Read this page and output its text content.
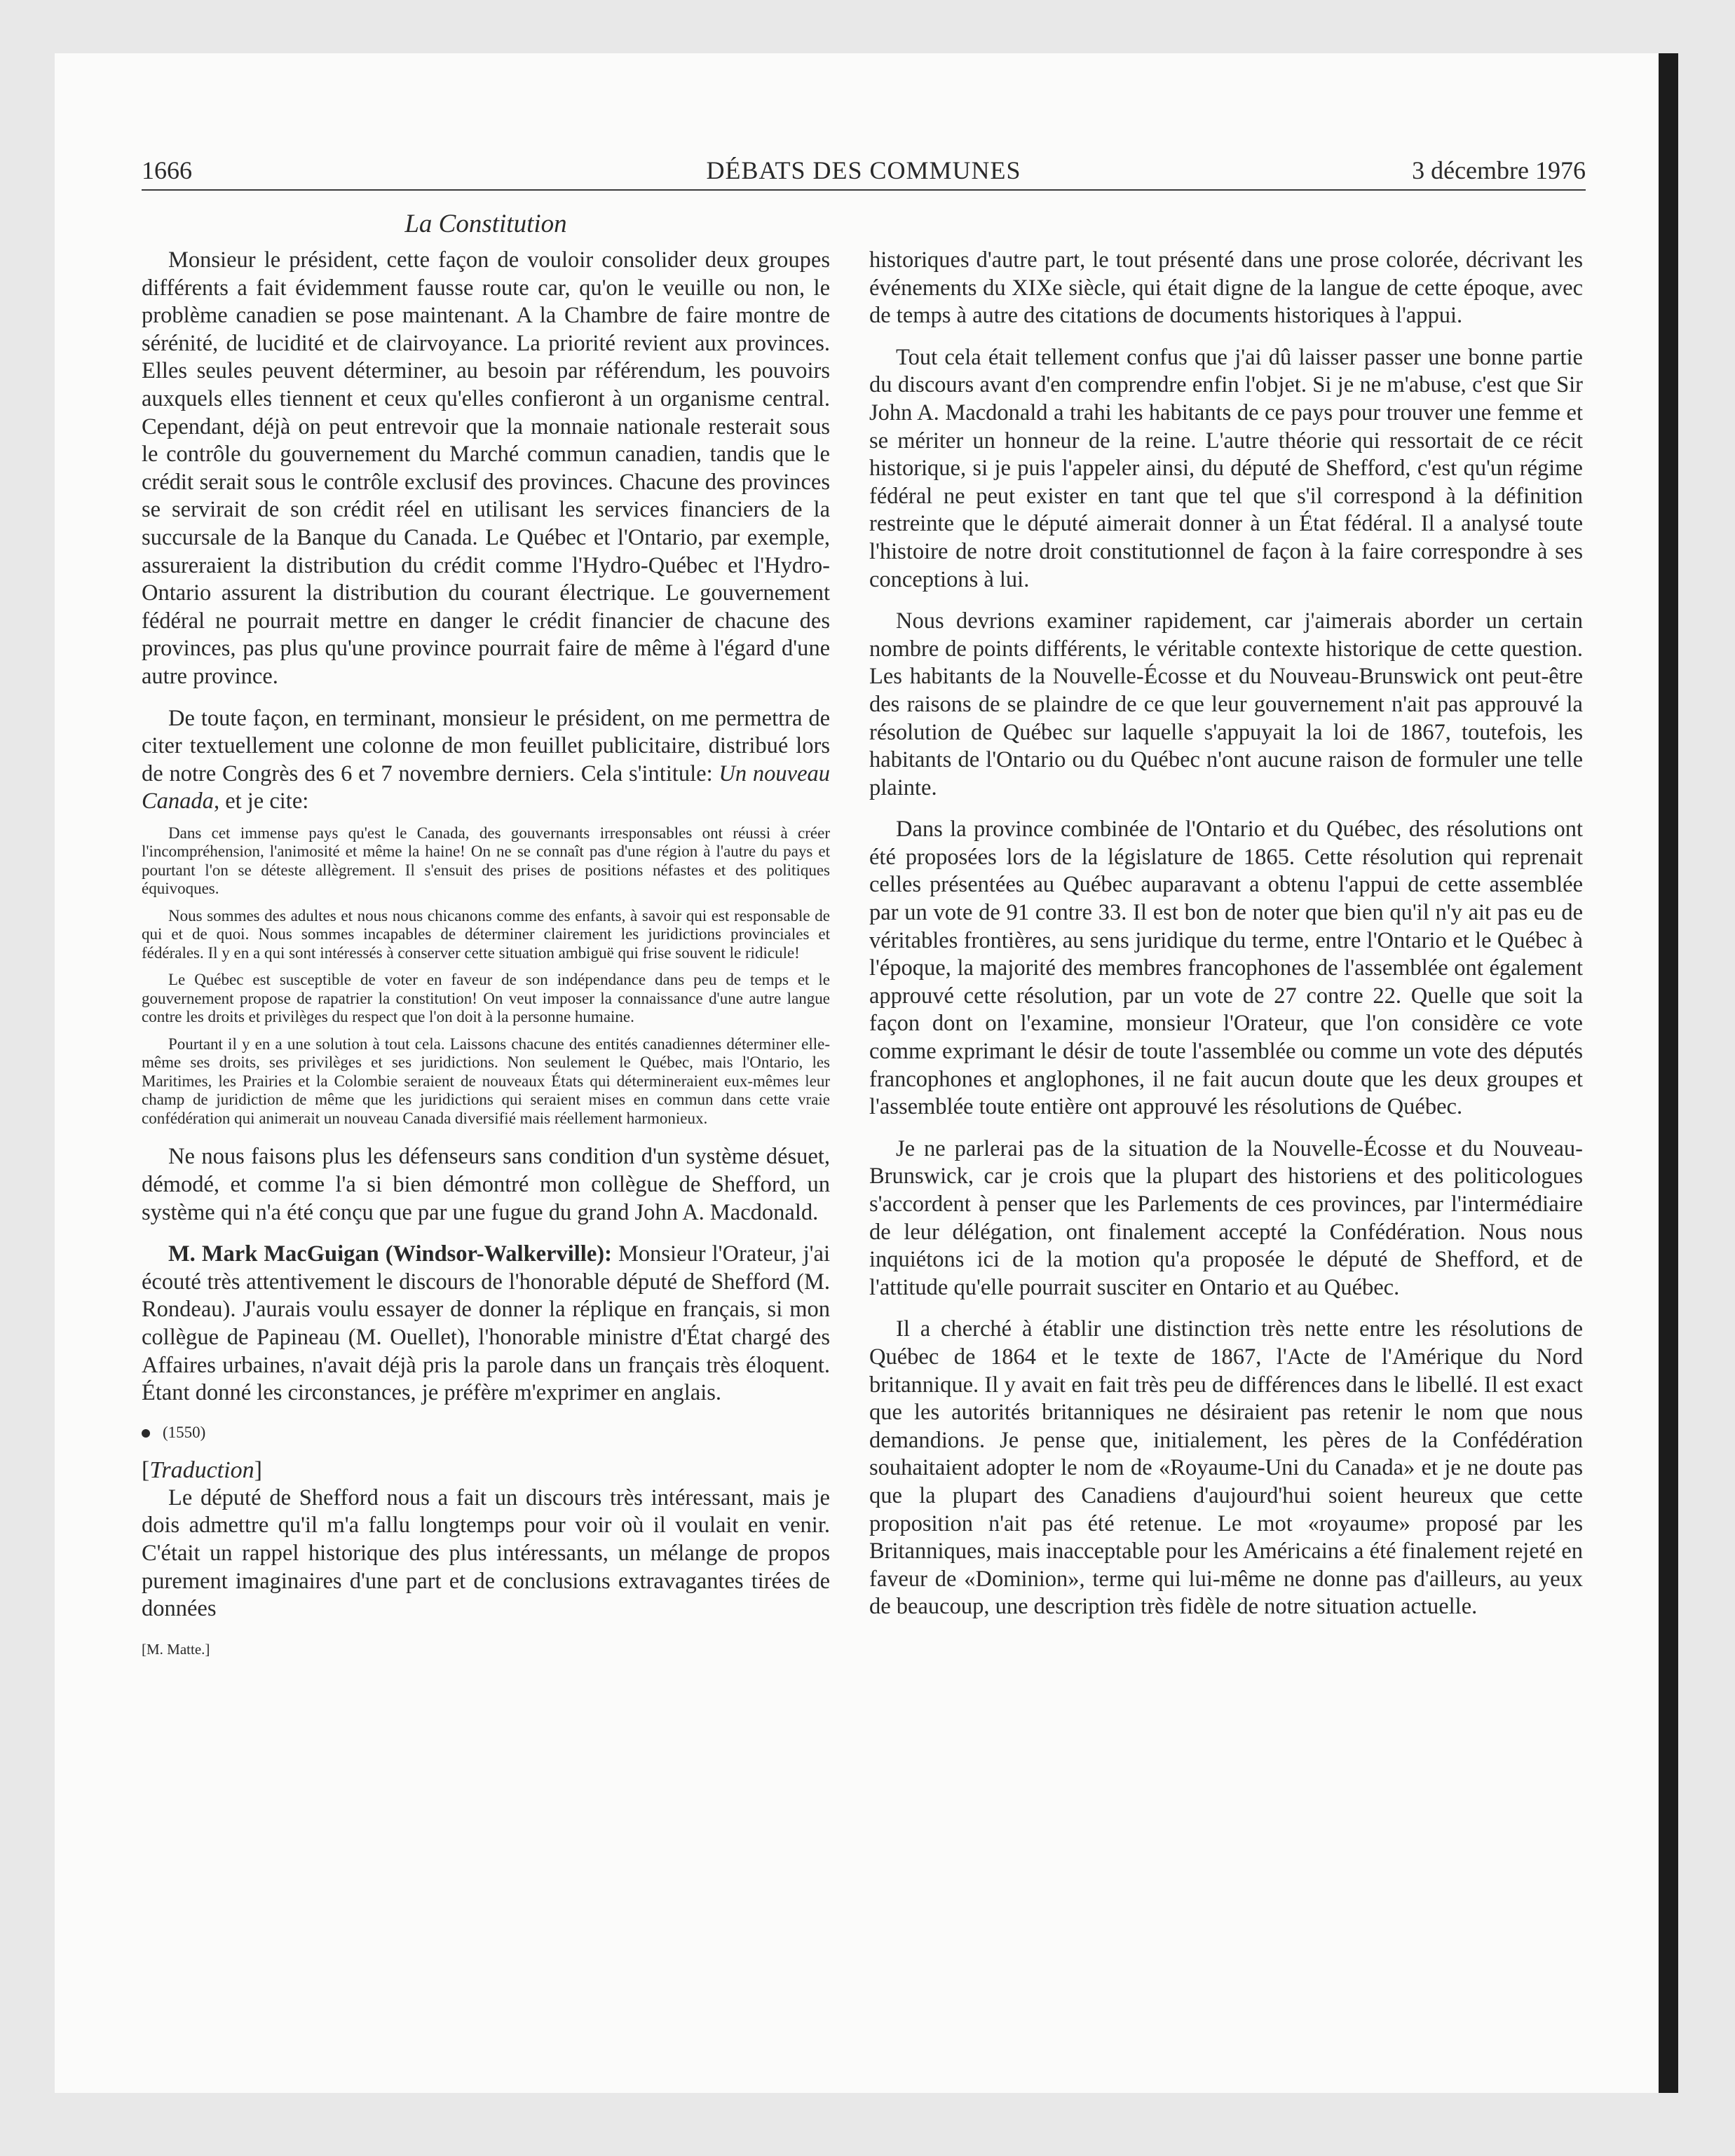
1666	DÉBATS DES COMMUNES	3 décembre 1976
La Constitution

Monsieur le président, cette façon de vouloir consolider deux groupes différents a fait évidemment fausse route car, qu'on le veuille ou non, le problème canadien se pose maintenant. A la Chambre de faire montre de sérénité, de lucidité et de clairvoyance. La priorité revient aux provinces. Elles seules peuvent déterminer, au besoin par référendum, les pouvoirs auxquels elles tiennent et ceux qu'elles confieront à un organisme central. Cependant, déjà on peut entrevoir que la monnaie nationale resterait sous le contrôle du gouvernement du Marché commun canadien, tandis que le crédit serait sous le contrôle exclusif des provinces. Chacune des provinces se servirait de son crédit réel en utilisant les services financiers de la succursale de la Banque du Canada. Le Québec et l'Ontario, par exemple, assureraient la distribution du crédit comme l'Hydro-Québec et l'Hydro-Ontario assurent la distribution du courant électrique. Le gouvernement fédéral ne pourrait mettre en danger le crédit financier de chacune des provinces, pas plus qu'une province pourrait faire de même à l'égard d'une autre province.

De toute façon, en terminant, monsieur le président, on me permettra de citer textuellement une colonne de mon feuillet publicitaire, distribué lors de notre Congrès des 6 et 7 novembre derniers. Cela s'intitule: Un nouveau Canada, et je cite:

Dans cet immense pays qu'est le Canada, des gouvernants irresponsables ont réussi à créer l'incompréhension, l'animosité et même la haine! On ne se connaît pas d'une région à l'autre du pays et pourtant l'on se déteste allègrement. Il s'ensuit des prises de positions néfastes et des politiques équivoques.

Nous sommes des adultes et nous nous chicanons comme des enfants, à savoir qui est responsable de qui et de quoi. Nous sommes incapables de déterminer clairement les juridictions provinciales et fédérales. Il y en a qui sont intéressés à conserver cette situation ambiguë qui frise souvent le ridicule!

Le Québec est susceptible de voter en faveur de son indépendance dans peu de temps et le gouvernement propose de rapatrier la constitution! On veut imposer la connaissance d'une autre langue contre les droits et privilèges du respect que l'on doit à la personne humaine.

Pourtant il y en a une solution à tout cela. Laissons chacune des entités canadiennes déterminer elle-même ses droits, ses privilèges et ses juridictions. Non seulement le Québec, mais l'Ontario, les Maritimes, les Prairies et la Colombie seraient de nouveaux États qui détermineraient eux-mêmes leur champ de juridiction de même que les juridictions qui seraient mises en commun dans cette vraie confédération qui animerait un nouveau Canada diversifié mais réellement harmonieux.

Ne nous faisons plus les défenseurs sans condition d'un système désuet, démodé, et comme l'a si bien démontré mon collègue de Shefford, un système qui n'a été conçu que par une fugue du grand John A. Macdonald.

M. Mark MacGuigan (Windsor-Walkerville): Monsieur l'Orateur, j'ai écouté très attentivement le discours de l'honorable député de Shefford (M. Rondeau). J'aurais voulu essayer de donner la réplique en français, si mon collègue de Papineau (M. Ouellet), l'honorable ministre d'État chargé des Affaires urbaines, n'avait déjà pris la parole dans un français très éloquent. Étant donné les circonstances, je préfère m'exprimer en anglais.

(1550)

[Traduction]

Le député de Shefford nous a fait un discours très intéressant, mais je dois admettre qu'il m'a fallu longtemps pour voir où il voulait en venir. C'était un rappel historique des plus intéressants, un mélange de propos purement imaginaires d'une part et de conclusions extravagantes tirées de données

[M. Matte.]

historiques d'autre part, le tout présenté dans une prose colorée, décrivant les événements du XIXe siècle, qui était digne de la langue de cette époque, avec de temps à autre des citations de documents historiques à l'appui.

Tout cela était tellement confus que j'ai dû laisser passer une bonne partie du discours avant d'en comprendre enfin l'objet. Si je ne m'abuse, c'est que Sir John A. Macdonald a trahi les habitants de ce pays pour trouver une femme et se mériter un honneur de la reine. L'autre théorie qui ressortait de ce récit historique, si je puis l'appeler ainsi, du député de Shefford, c'est qu'un régime fédéral ne peut exister en tant que tel que s'il correspond à la définition restreinte que le député aimerait donner à un État fédéral. Il a analysé toute l'histoire de notre droit constitutionnel de façon à la faire correspondre à ses conceptions à lui.

Nous devrions examiner rapidement, car j'aimerais aborder un certain nombre de points différents, le véritable contexte historique de cette question. Les habitants de la Nouvelle-Écosse et du Nouveau-Brunswick ont peut-être des raisons de se plaindre de ce que leur gouvernement n'ait pas approuvé la résolution de Québec sur laquelle s'appuyait la loi de 1867, toutefois, les habitants de l'Ontario ou du Québec n'ont aucune raison de formuler une telle plainte.

Dans la province combinée de l'Ontario et du Québec, des résolutions ont été proposées lors de la législature de 1865. Cette résolution qui reprenait celles présentées au Québec auparavant a obtenu l'appui de cette assemblée par un vote de 91 contre 33. Il est bon de noter que bien qu'il n'y ait pas eu de véritables frontières, au sens juridique du terme, entre l'Ontario et le Québec à l'époque, la majorité des membres francophones de l'assemblée ont également approuvé cette résolution, par un vote de 27 contre 22. Quelle que soit la façon dont on l'examine, monsieur l'Orateur, que l'on considère ce vote comme exprimant le désir de toute l'assemblée ou comme un vote des députés francophones et anglophones, il ne fait aucun doute que les deux groupes et l'assemblée toute entière ont approuvé les résolutions de Québec.

Je ne parlerai pas de la situation de la Nouvelle-Écosse et du Nouveau-Brunswick, car je crois que la plupart des historiens et des politicologues s'accordent à penser que les Parlements de ces provinces, par l'intermédiaire de leur délégation, ont finalement accepté la Confédération. Nous nous inquiétons ici de la motion qu'a proposée le député de Shefford, et de l'attitude qu'elle pourrait susciter en Ontario et au Québec.

Il a cherché à établir une distinction très nette entre les résolutions de Québec de 1864 et le texte de 1867, l'Acte de l'Amérique du Nord britannique. Il y avait en fait très peu de différences dans le libellé. Il est exact que les autorités britanniques ne désiraient pas retenir le nom que nous demandions. Je pense que, initialement, les pères de la Confédération souhaitaient adopter le nom de «Royaume-Uni du Canada» et je ne doute pas que la plupart des Canadiens d'aujourd'hui soient heureux que cette proposition n'ait pas été retenue. Le mot «royaume» proposé par les Britanniques, mais inacceptable pour les Américains a été finalement rejeté en faveur de «Dominion», terme qui lui-même ne donne pas d'ailleurs, au yeux de beaucoup, une description très fidèle de notre situation actuelle.
